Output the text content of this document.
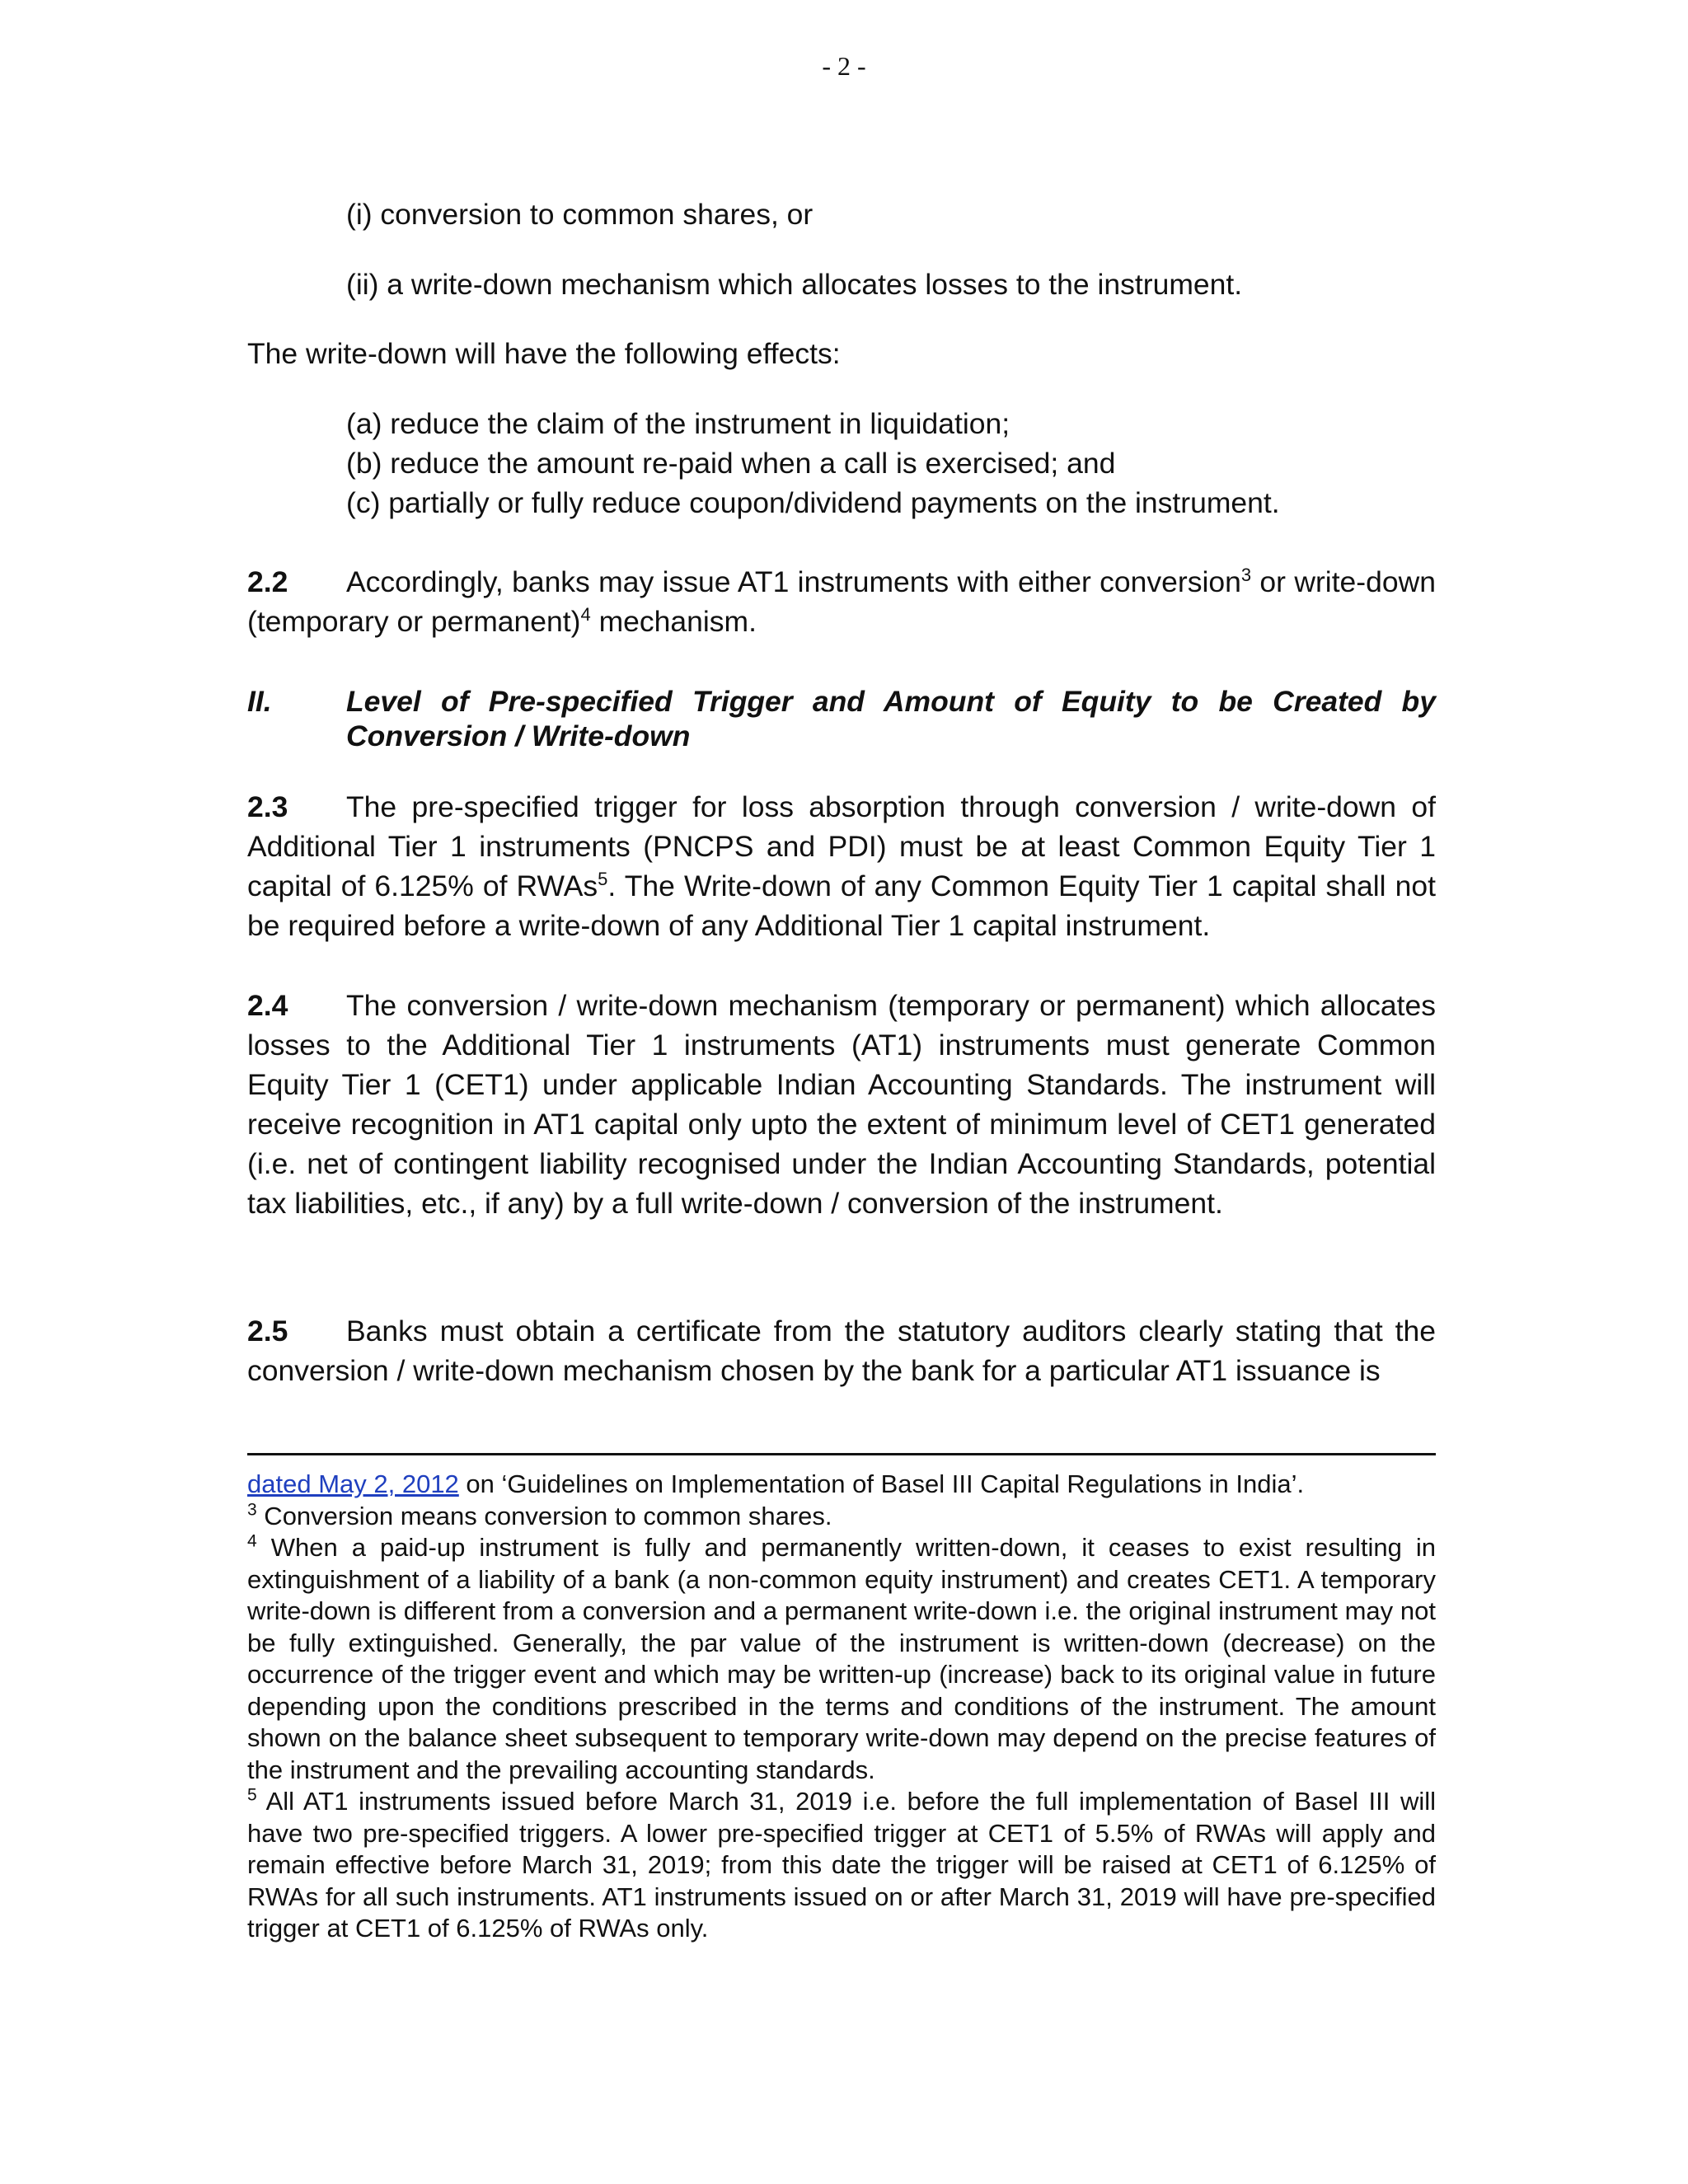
- 2 -
(i) conversion to common shares, or
(ii) a write-down mechanism which allocates losses to the instrument.
The write-down will have the following effects:
(a) reduce the claim of the instrument in liquidation;
(b) reduce the amount re-paid when a call is exercised; and
(c) partially or fully reduce coupon/dividend payments on the instrument.
2.2 Accordingly, banks may issue AT1 instruments with either conversion$^3$ or write-down (temporary or permanent)$^4$ mechanism.
II.	Level of Pre-specified Trigger and Amount of Equity to be Created by Conversion / Write-down
2.3 The pre-specified trigger for loss absorption through conversion / write-down of Additional Tier 1 instruments (PNCPS and PDI) must be at least Common Equity Tier 1 capital of 6.125% of RWAs$^5$. The Write-down of any Common Equity Tier 1 capital shall not be required before a write-down of any Additional Tier 1 capital instrument.
2.4 The conversion / write-down mechanism (temporary or permanent) which allocates losses to the Additional Tier 1 instruments (AT1) instruments must generate Common Equity Tier 1 (CET1) under applicable Indian Accounting Standards. The instrument will receive recognition in AT1 capital only upto the extent of minimum level of CET1 generated (i.e. net of contingent liability recognised under the Indian Accounting Standards, potential tax liabilities, etc., if any) by a full write-down / conversion of the instrument.
2.5 Banks must obtain a certificate from the statutory auditors clearly stating that the conversion / write-down mechanism chosen by the bank for a particular AT1 issuance is

dated May 2, 2012 on ‘Guidelines on Implementation of Basel III Capital Regulations in India’.

$^3$ Conversion means conversion to common shares.

$^4$ When a paid-up instrument is fully and permanently written-down, it ceases to exist resulting in extinguishment of a liability of a bank (a non-common equity instrument) and creates CET1. A temporary write-down is different from a conversion and a permanent write-down i.e. the original instrument may not be fully extinguished. Generally, the par value of the instrument is written-down (decrease) on the occurrence of the trigger event and which may be written-up (increase) back to its original value in future depending upon the conditions prescribed in the terms and conditions of the instrument. The amount shown on the balance sheet subsequent to temporary write-down may depend on the precise features of the instrument and the prevailing accounting standards.

$^5$ All AT1 instruments issued before March 31, 2019 i.e. before the full implementation of Basel III will have two pre-specified triggers. A lower pre-specified trigger at CET1 of 5.5% of RWAs will apply and remain effective before March 31, 2019; from this date the trigger will be raised at CET1 of 6.125% of RWAs for all such instruments. AT1 instruments issued on or after March 31, 2019 will have pre-specified trigger at CET1 of 6.125% of RWAs only.
